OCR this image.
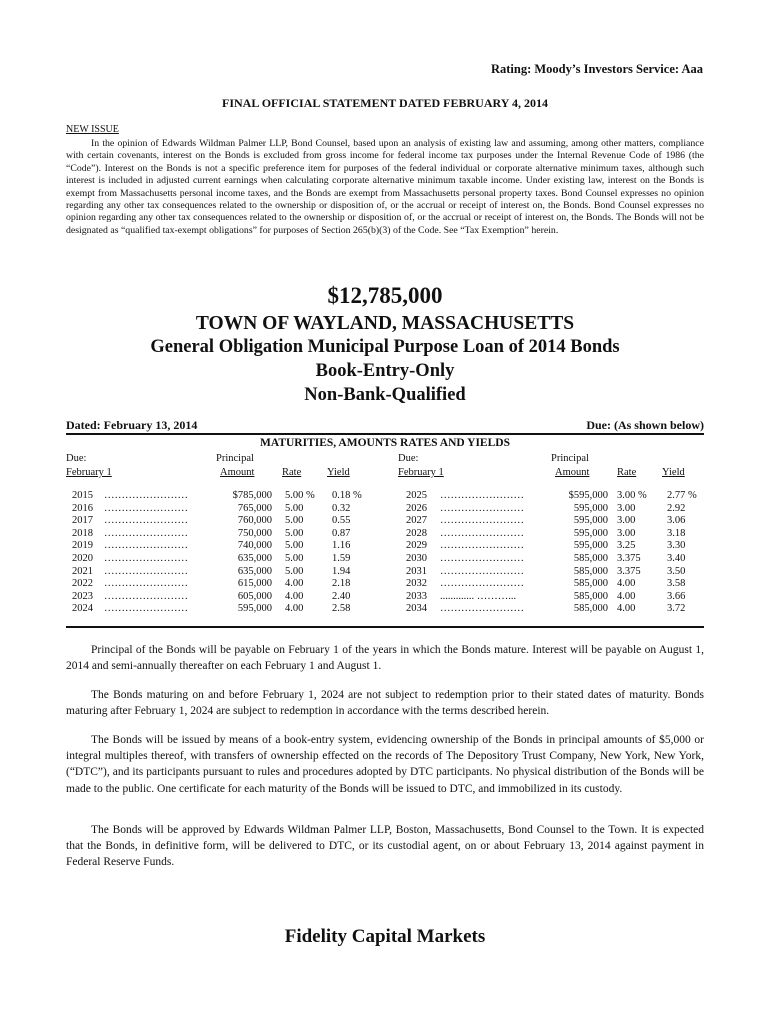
Rating: Moody’s Investors Service: Aaa
FINAL OFFICIAL STATEMENT DATED FEBRUARY 4, 2014
NEW ISSUE

In the opinion of Edwards Wildman Palmer LLP, Bond Counsel, based upon an analysis of existing law and assuming, among other matters, compliance with certain covenants, interest on the Bonds is excluded from gross income for federal income tax purposes under the Internal Revenue Code of 1986 (the “Code”). Interest on the Bonds is not a specific preference item for purposes of the federal individual or corporate alternative minimum taxes, although such interest is included in adjusted current earnings when calculating corporate alternative minimum taxable income. Under existing law, interest on the Bonds is exempt from Massachusetts personal income taxes, and the Bonds are exempt from Massachusetts personal property taxes. Bond Counsel expresses no opinion regarding any other tax consequences related to the ownership or disposition of, or the accrual or receipt of interest on, the Bonds. Bond Counsel expresses no opinion regarding any other tax consequences related to the ownership or disposition of, or the accrual or receipt of interest on, the Bonds. The Bonds will not be designated as “qualified tax-exempt obligations” for purposes of Section 265(b)(3) of the Code. See “Tax Exemption” herein.

$12,785,000
TOWN OF WAYLAND, MASSACHUSETTS
General Obligation Municipal Purpose Loan of 2014 Bonds
Book-Entry-Only
Non-Bank-Qualified
Dated: February 13, 2014	Due: (As shown below)
MATURITIES, AMOUNTS RATES AND YIELDS
Due:
February 1
Principal
Amount	Rate Yield
Due:
February 1
Principal
Amount	Rate Yield
2015 ……………………	$785,000 5.00 % 0.18 %
2016 ……………………	765,000 5.00	0.32
2017 ……………………	760,000 5.00	0.55
2018 ……………………	750,000 5.00	0.87
2019 ……………………	740,000 5.00	1.16
2020 ……………………	635,000 5.00	1.59
2021 ……………………	635,000 5.00	1.94
2022 ……………………	615,000 4.00	2.18
2023 ……………………	605,000 4.00	2.40
2024 ……………………	595,000 4.00	2.58
2025 ……………………	$595,000 3.00 % 2.77 %
2026 ……………………	595,000 3.00	2.92
2027 ……………………	595,000 3.00	3.06
2028 ……………………	595,000 3.00	3.18
2029 ……………………	595,000 3.25	3.30
2030 ……………………	585,000 3.375	3.40
2031 ……………………	585,000 3.375	3.50
2032 ……………………	585,000 4.00	3.58
2033 ............. ………...	585,000 4.00	3.66
2034 ……………………	585,000 4.00	3.72

Principal of the Bonds will be payable on February 1 of the years in which the Bonds mature. Interest will be payable on August 1, 2014 and semi-annually thereafter on each February 1 and August 1.

The Bonds maturing on and before February 1, 2024 are not subject to redemption prior to their stated dates of maturity. Bonds maturing after February 1, 2024 are subject to redemption in accordance with the terms described herein.

The Bonds will be issued by means of a book-entry system, evidencing ownership of the Bonds in principal amounts of $5,000 or integral multiples thereof, with transfers of ownership effected on the records of The Depository Trust Company, New York, New York, (“DTC”), and its participants pursuant to rules and procedures adopted by DTC participants. No physical distribution of the Bonds will be made to the public. One certificate for each maturity of the Bonds will be issued to DTC, and immobilized in its custody.

The Bonds will be approved by Edwards Wildman Palmer LLP, Boston, Massachusetts, Bond Counsel to the Town. It is expected that the Bonds, in definitive form, will be delivered to DTC, or its custodial agent, on or about February 13, 2014 against payment in Federal Reserve Funds.

Fidelity Capital Markets
